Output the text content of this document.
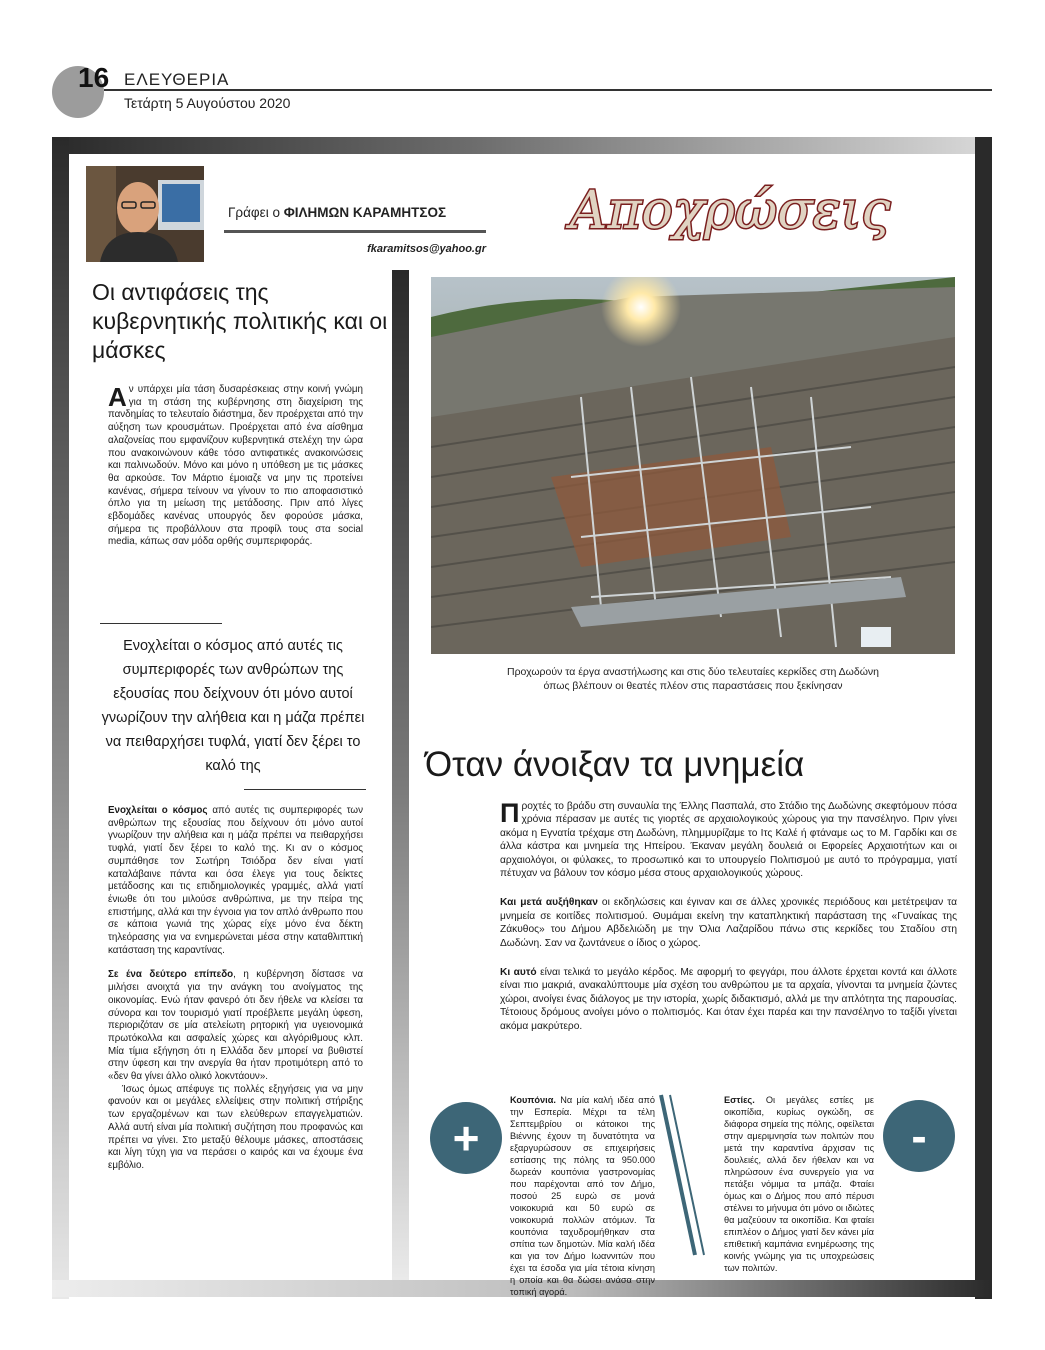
16 ΕΛΕΥΘΕΡΙΑ
Τετάρτη 5 Αυγούστου 2020
Γράφει ο ΦΙΛΗΜΩΝ ΚΑΡΑΜΗΤΣΟΣ
fkaramitsos@yahoo.gr
Αποχρώσεις
Οι αντιφάσεις της κυβερνητικής πολιτικής και οι μάσκες
Αν υπάρχει μία τάση δυσαρέσκειας στην κοινή γνώμη για τη στάση της κυβέρνησης στη διαχείριση της πανδημίας το τελευταίο διάστημα, δεν προέρχεται από την αύξηση των κρουσμάτων. Προέρχεται από ένα αίσθημα αλαζονείας που εμφανίζουν κυβερνητικά στελέχη την ώρα που ανακοινώνουν κάθε τόσο αντιφατικές ανακοινώσεις και παλινωδούν. Μόνο και μόνο η υπόθεση με τις μάσκες θα αρκούσε. Τον Μάρτιο έμοιαζε να μην τις προτείνει κανένας, σήμερα τείνουν να γίνουν το πιο αποφασιστικό όπλο για τη μείωση της μετάδοσης. Πριν από λίγες εβδομάδες κανένας υπουργός δεν φορούσε μάσκα, σήμερα τις προβάλλουν στα προφίλ τους στα social media, κάπως σαν μόδα ορθής συμπεριφοράς.
Ενοχλείται ο κόσμος από αυτές τις συμπεριφορές των ανθρώπων της εξουσίας που δείχνουν ότι μόνο αυτοί γνωρίζουν την αλήθεια και η μάζα πρέπει να πειθαρχήσει τυφλά, γιατί δεν ξέρει το καλό της

Ενοχλείται ο κόσμος από αυτές τις συμπεριφορές των ανθρώπων της εξουσίας που δείχνουν ότι μόνο αυτοί γνωρίζουν την αλήθεια και η μάζα πρέπει να πειθαρχήσει τυφλά, γιατί δεν ξέρει το καλό της. Κι αν ο κόσμος συμπάθησε τον Σωτήρη Τσιόδρα δεν είναι γιατί καταλάβαινε πάντα και όσα έλεγε για τους δείκτες μετάδοσης και τις επιδημιολογικές γραμμές, αλλά γιατί ένιωθε ότι του μιλούσε ανθρώπινα, με την πείρα της επιστήμης, αλλά και την έγνοια για τον απλό άνθρωπο που σε κάποια γωνιά της χώρας είχε μόνο ένα δέκτη τηλεόρασης για να ενημερώνεται μέσα στην καταθλιπτική κατάσταση της καραντίνας.

Σε ένα δεύτερο επίπεδο, η κυβέρνηση δίστασε να μιλήσει ανοιχτά για την ανάγκη του ανοίγματος της οικονομίας. Ενώ ήταν φανερό ότι δεν ήθελε να κλείσει τα σύνορα και τον τουρισμό γιατί προέβλεπε μεγάλη ύφεση, περιοριζόταν σε μία ατελείωτη ρητορική για υγειονομικά πρωτόκολλα και ασφαλείς χώρες και αλγόριθμους κλπ. Μία τίμια εξήγηση ότι η Ελλάδα δεν μπορεί να βυθιστεί στην ύφεση και την ανεργία θα ήταν προτιμότερη από το «δεν θα γίνει άλλο ολικό λοκντάουν».

Ίσως όμως απέφυγε τις πολλές εξηγήσεις για να μην φανούν και οι μεγάλες ελλείψεις στην πολιτική στήριξης των εργαζομένων και των ελεύθερων επαγγελματιών. Αλλά αυτή είναι μία πολιτική συζήτηση που προφανώς και πρέπει να γίνει. Στο μεταξύ θέλουμε μάσκες, αποστάσεις και λίγη τύχη για να περάσει ο καιρός και να έχουμε ένα εμβόλιο.

Προχωρούν τα έργα αναστήλωσης και στις δύο τελευταίες κερκίδες στη Δωδώνη
όπως βλέπουν οι θεατές πλέον στις παραστάσεις που ξεκίνησαν
Όταν άνοιξαν τα μνημεία

Προχτές το βράδυ στη συναυλία της Έλλης Πασπαλά, στο Στάδιο της Δωδώνης σκεφτόμουν πόσα χρόνια πέρασαν με αυτές τις γιορτές σε αρχαιολογικούς χώρους για την πανσέληνο. Πριν γίνει ακόμα η Εγνατία τρέχαμε στη Δωδώνη, πλημμυρίζαμε το Ιτς Καλέ ή φτάναμε ως το Μ. Γαρδίκι και σε άλλα κάστρα και μνημεία της Ηπείρου. Έκαναν μεγάλη δουλειά οι Εφορείες Αρχαιοτήτων και οι αρχαιολόγοι, οι φύλακες, το προσωπικό και το υπουργείο Πολιτισμού με αυτό το πρόγραμμα, γιατί πέτυχαν να βάλουν τον κόσμο μέσα στους αρχαιολογικούς χώρους.

Και μετά αυξήθηκαν οι εκδηλώσεις και έγιναν και σε άλλες χρονικές περιόδους και μετέτρεψαν τα μνημεία σε κοιτίδες πολιτισμού. Θυμάμαι εκείνη την καταπληκτική παράσταση της «Γυναίκας της Ζάκυθος» του Δήμου Αβδελιώδη με την Όλια Λαζαρίδου πάνω στις κερκίδες του Σταδίου στη Δωδώνη. Σαν να ζωντάνευε ο ίδιος ο χώρος.

Κι αυτό είναι τελικά το μεγάλο κέρδος. Με αφορμή το φεγγάρι, που άλλοτε έρχεται κοντά και άλλοτε είναι πιο μακριά, ανακαλύπτουμε μία σχέση του ανθρώπου με τα αρχαία, γίνονται τα μνημεία ζώντες χώροι, ανοίγει ένας διάλογος με την ιστορία, χωρίς διδακτισμό, αλλά με την απλότητα της παρουσίας. Τέτοιους δρόμους ανοίγει μόνο ο πολιτισμός. Και όταν έχει παρέα και την πανσέληνο το ταξίδι γίνεται ακόμα μακρύτερο.

+
Κουπόνια. Να μία καλή ιδέα από την Εσπερία. Μέχρι τα τέλη Σεπτεμβρίου οι κάτοικοι της Βιέννης έχουν τη δυνατότητα να εξαργυρώσουν σε επιχειρήσεις εστίασης της πόλης τα 950.000 δωρεάν κουπόνια γαστρονομίας που παρέχονται από τον Δήμο, ποσού 25 ευρώ σε μονά νοικοκυριά και 50 ευρώ σε νοικοκυριά πολλών ατόμων. Τα κουπόνια ταχυδρομήθηκαν στα σπίτια των δημοτών. Μία καλή ιδέα και για τον Δήμο Ιωαννιτών που έχει τα έσοδα για μία τέτοια κίνηση η οποία και θα δώσει ανάσα στην τοπική αγορά.
Εστίες. Οι μεγάλες εστίες με οικοπίδια, κυρίως ογκώδη, σε διάφορα σημεία της πόλης, οφείλεται στην αμεριμνησία των πολιτών που μετά την καραντίνα άρχισαν τις δουλειές, αλλά δεν ήθελαν και να πληρώσουν ένα συνεργείο για να πετάξει νόμιμα τα μπάζα. Φταίει όμως και ο Δήμος που από πέρυσι στέλνει το μήνυμα ότι μόνο οι ιδιώτες θα μαζεύουν τα οικοπίδια. Και φταίει επιπλέον ο Δήμος γιατί δεν κάνει μία επιθετική καμπάνια ενημέρωσης της κοινής γνώμης για τις υποχρεώσεις των πολιτών.
-
